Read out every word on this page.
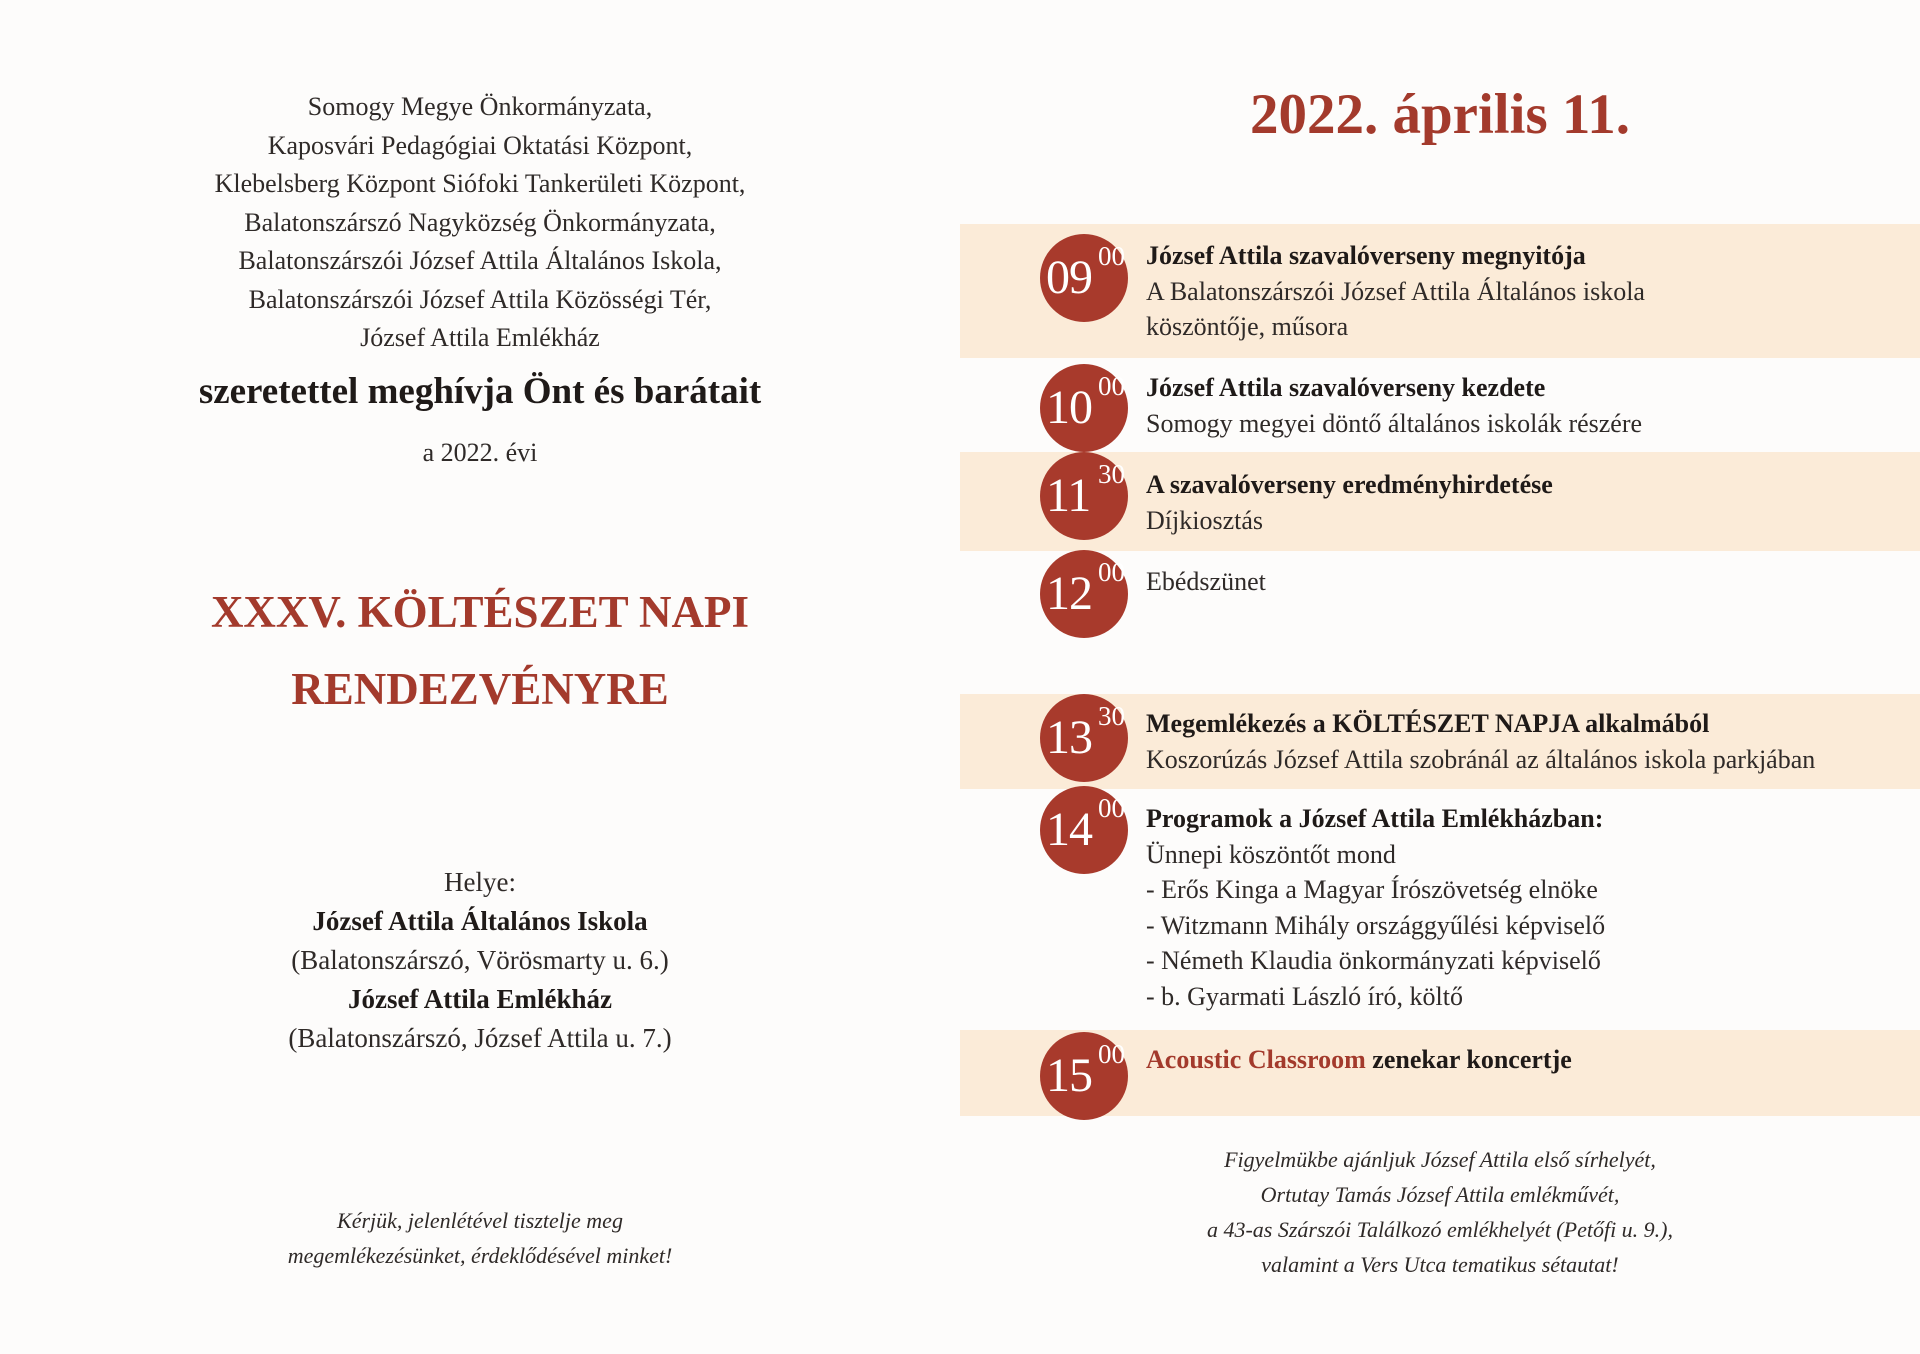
Somogy Megye Önkormányzata,
Kaposvári Pedagógiai Oktatási Központ,
Klebelsberg Központ Siófoki Tankerületi Központ,
Balatonszárszó Nagyközség Önkormányzata,
Balatonszárszói József Attila Általános Iskola,
Balatonszárszói József Attila Közösségi Tér,
József Attila Emlékház
szeretettel meghívja Önt és barátait
a 2022. évi
XXXV. KÖLTÉSZET NAPI
RENDEZVÉNYRE
Helye:
József Attila Általános Iskola
(Balatonszárszó, Vörösmarty u. 6.)
József Attila Emlékház
(Balatonszárszó, József Attila u. 7.)
Kérjük, jelenlétével tisztelje meg
megemlékezésünket, érdeklődésével minket!
2022. április 11.
09 00 József Attila szavalóverseny megnyitója
A Balatonszárszói József Attila Általános iskola
köszöntője, műsora
10 00 József Attila szavalóverseny kezdete
Somogy megyei döntő általános iskolák részére
11 30 A szavalóverseny eredményhirdetése
Díjkiosztás
12 00 Ebédszünet
13 30 Megemlékezés a KÖLTÉSZET NAPJA alkalmából
Koszorúzás József Attila szobránál az általános iskola parkjában
14 00 Programok a József Attila Emlékházban:
Ünnepi köszöntőt mond
- Erős Kinga a Magyar Írószövetség elnöke
- Witzmann Mihály országgyűlési képviselő
- Németh Klaudia önkormányzati képviselő
- b. Gyarmati László író, költő
15 00 Acoustic Classroom zenekar koncertje
Figyelmükbe ajánljuk József Attila első sírhelyét,
Ortutay Tamás József Attila emlékművét,
a 43-as Szárszói Találkozó emlékhelyét (Petőfi u. 9.),
valamint a Vers Utca tematikus sétautat!
